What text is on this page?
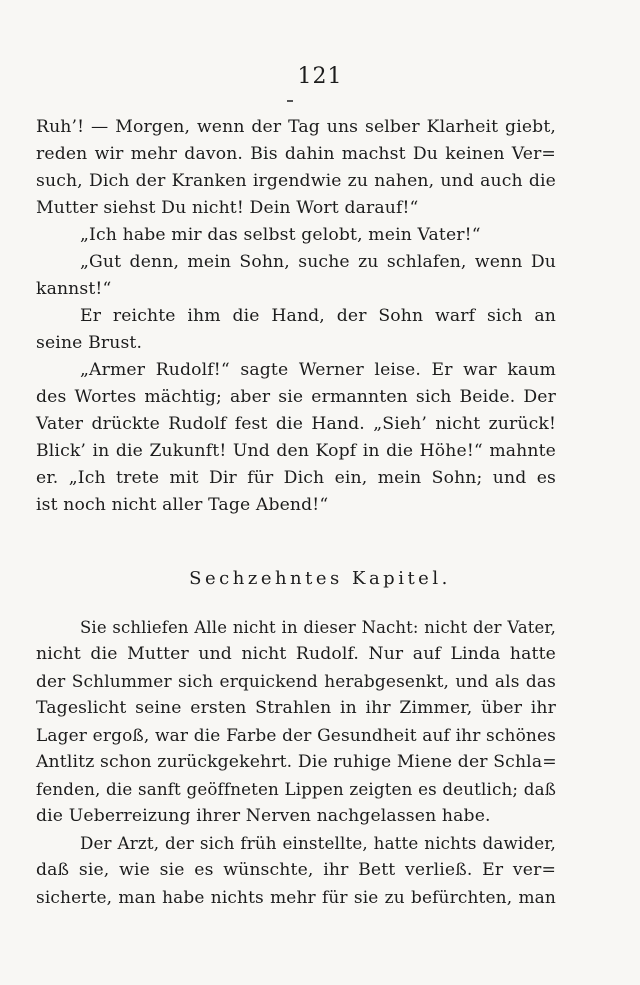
121
Ruh’! — Morgen, wenn der Tag uns selber Klarheit giebt,
reden wir mehr davon. Bis dahin machst Du keinen Ver=
such, Dich der Kranken irgendwie zu nahen, und auch die
Mutter siehst Du nicht! Dein Wort darauf!“
„Ich habe mir das selbst gelobt, mein Vater!“
„Gut denn, mein Sohn, suche zu schlafen, wenn Du
kannst!“
Er reichte ihm die Hand, der Sohn warf sich an
seine Brust.
„Armer Rudolf!“ sagte Werner leise. Er war kaum
des Wortes mächtig; aber sie ermannten sich Beide. Der
Vater drückte Rudolf fest die Hand. „Sieh’ nicht zurück!
Blick’ in die Zukunft! Und den Kopf in die Höhe!“ mahnte
er. „Ich trete mit Dir für Dich ein, mein Sohn; und es
ist noch nicht aller Tage Abend!“
Sechzehntes Kapitel.
Sie schliefen Alle nicht in dieser Nacht: nicht der Vater,
nicht die Mutter und nicht Rudolf. Nur auf Linda hatte
der Schlummer sich erquickend herabgesenkt, und als das
Tageslicht seine ersten Strahlen in ihr Zimmer, über ihr
Lager ergoß, war die Farbe der Gesundheit auf ihr schönes
Antlitz schon zurückgekehrt. Die ruhige Miene der Schla=
fenden, die sanft geöffneten Lippen zeigten es deutlich; daß
die Ueberreizung ihrer Nerven nachgelassen habe.
Der Arzt, der sich früh einstellte, hatte nichts dawider,
daß sie, wie sie es wünschte, ihr Bett verließ. Er ver=
sicherte, man habe nichts mehr für sie zu befürchten, man
